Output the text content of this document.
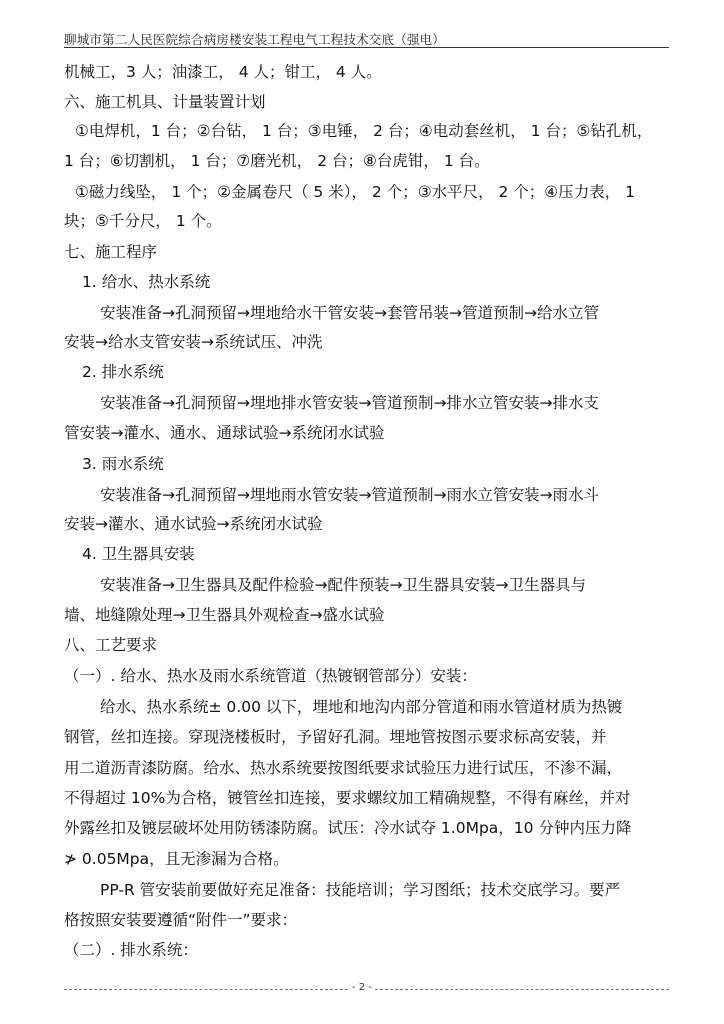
聊城市第二人民医院综合病房楼安装工程电气工程技术交底（强电）
机械工，3 人；油漆工， 4 人；钳工， 4 人。
六、施工机具、计量装置计划
①电焊机，1 台；②台钻， 1 台；③电锤， 2 台；④电动套丝机， 1 台；⑤钻孔机，
1 台；⑥切割机， 1 台；⑦磨光机， 2 台；⑧台虎钳， 1 台。
①磁力线坠， 1 个；②金属卷尺（ 5 米）， 2 个；③水平尺， 2 个；④压力表， 1
块；⑤千分尺， 1 个。
七、施工程序
1. 给水、热水系统
安装准备→孔洞预留→埋地给水干管安装→套管吊装→管道预制→给水立管
安装→给水支管安装→系统试压、冲洗
2. 排水系统
安装准备→孔洞预留→埋地排水管安装→管道预制→排水立管安装→排水支
管安装→灌水、通水、通球试验→系统闭水试验
3. 雨水系统
安装准备→孔洞预留→埋地雨水管安装→管道预制→雨水立管安装→雨水斗
安装→灌水、通水试验→系统闭水试验
4. 卫生器具安装
安装准备→卫生器具及配件检验→配件预装→卫生器具安装→卫生器具与
墙、地缝隙处理→卫生器具外观检查→盛水试验
八、工艺要求
（一）. 给水、热水及雨水系统管道（热镀钢管部分）安装：
给水、热水系统± 0.00 以下，埋地和地沟内部分管道和雨水管道材质为热镀
钢管，丝扣连接。穿现浇楼板时，予留好孔洞。埋地管按图示要求标高安装，并
用二道沥青漆防腐。给水、热水系统要按图纸要求试验压力进行试压，不渗不漏，
不得超过 10%为合格，镀管丝扣连接，要求螺纹加工精确规整，不得有麻丝，并对
外露丝扣及镀层破坏处用防锈漆防腐。试压：冷水试夺 1.0Mpa，10 分钟内压力降
≯ 0.05Mpa，且无渗漏为合格。
PP-R 管安装前要做好充足准备：技能培训；学习图纸；技术交底学习。要严
格按照安装要遵循“附件一”要求：
（二）. 排水系统：
- 2 -
